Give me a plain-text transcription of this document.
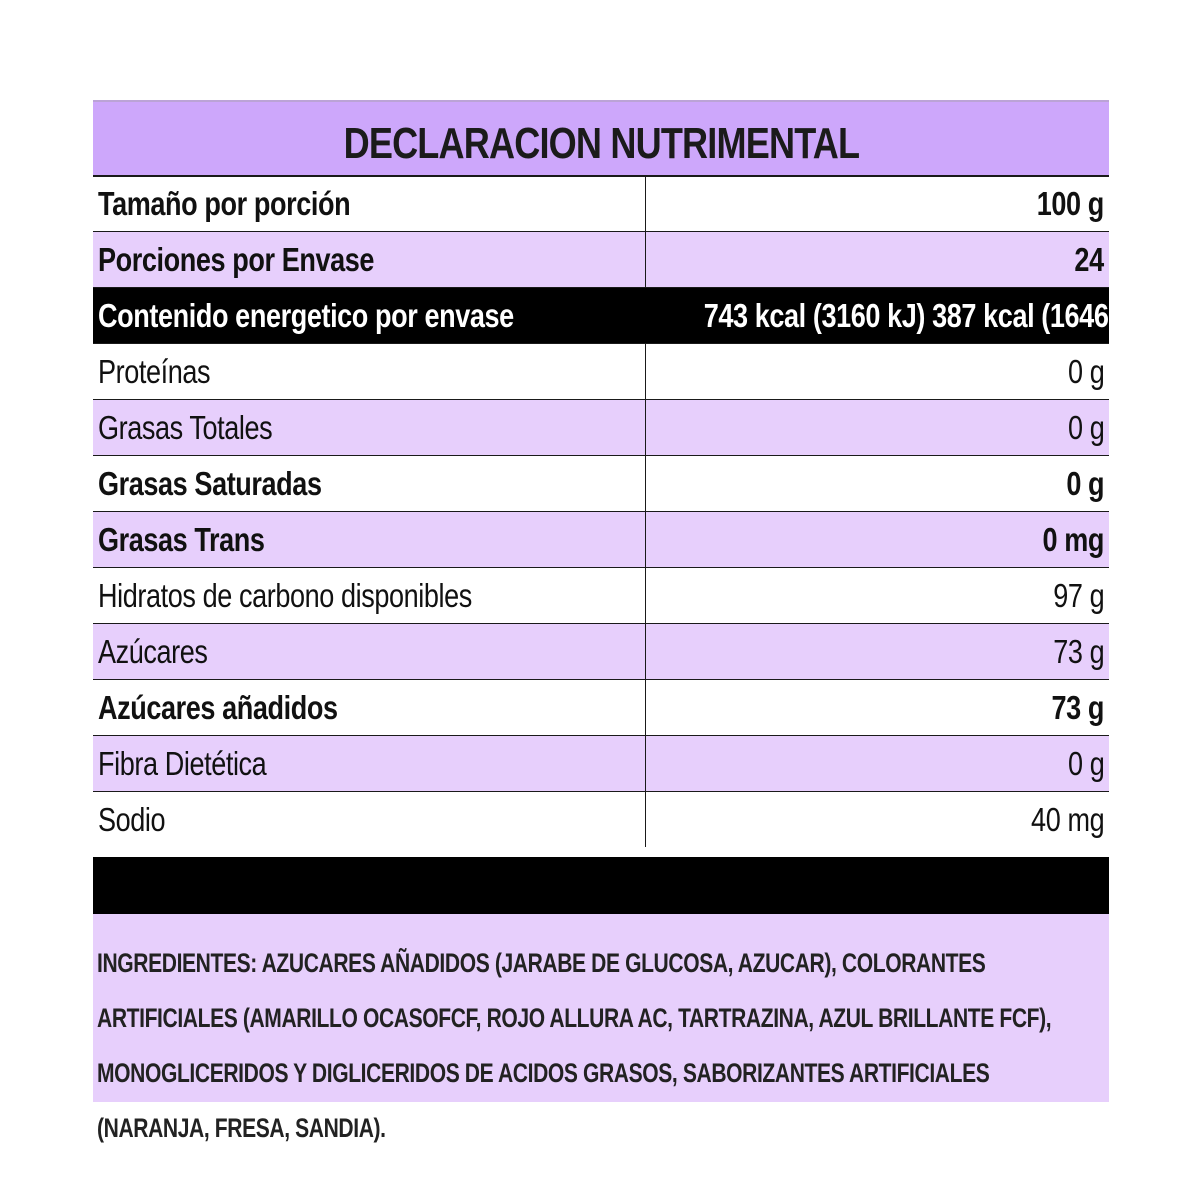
DECLARACION NUTRIMENTAL
Tamaño por porción	100 g
Porciones por Envase	24
Contenido energetico por envase	743 kcal (3160 kJ) 387 kcal (1646 kJ)
Proteínas	0 g
Grasas Totales	0 g
Grasas Saturadas	0 g
Grasas Trans	0 mg
Hidratos de carbono disponibles	97 g
Azúcares	73 g
Azúcares añadidos	73 g
Fibra Dietética	0 g
Sodio	40 mg
INGREDIENTES: AZUCARES AÑADIDOS (JARABE DE GLUCOSA, AZUCAR), COLORANTES ARTIFICIALES (AMARILLO OCASOFCF, ROJO ALLURA AC, TARTRAZINA, AZUL BRILLANTE FCF), MONOGLICERIDOS Y DIGLICERIDOS DE ACIDOS GRASOS, SABORIZANTES ARTIFICIALES (NARANJA, FRESA, SANDIA).
